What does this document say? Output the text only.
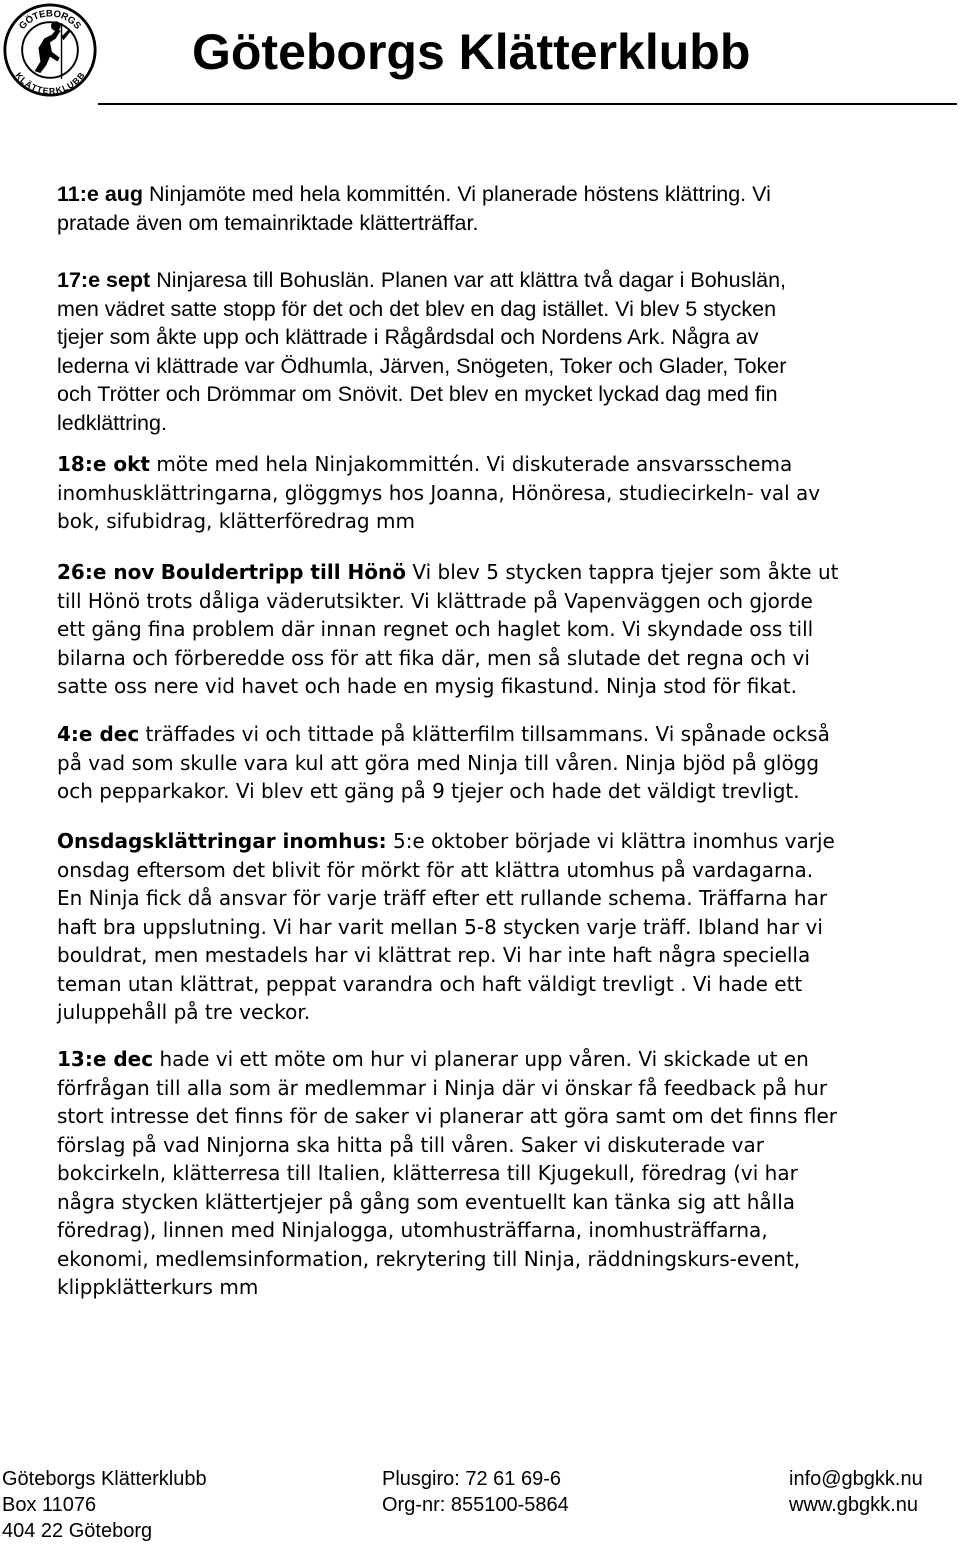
GÖTEBORGS
KLÄTTERKLUBB Göteborgs Klätterklubb

11:e aug Ninjamöte med hela kommittén. Vi planerade höstens klättring. Vi
pratade även om temainriktade klätterträffar.

17:e sept Ninjaresa till Bohuslän. Planen var att klättra två dagar i Bohuslän,
men vädret satte stopp för det och det blev en dag istället. Vi blev 5 stycken
tjejer som åkte upp och klättrade i Rågårdsdal och Nordens Ark. Några av
lederna vi klättrade var Ödhumla, Järven, Snögeten, Toker och Glader, Toker
och Trötter och Drömmar om Snövit. Det blev en mycket lyckad dag med fin
ledklättring.

18:e okt möte med hela Ninjakommittén. Vi diskuterade ansvarsschema
inomhusklättringarna, glöggmys hos Joanna, Hönöresa, studiecirkeln- val av
bok, sifubidrag, klätterföredrag mm

26:e nov Bouldertripp till Hönö Vi blev 5 stycken tappra tjejer som åkte ut
till Hönö trots dåliga väderutsikter. Vi klättrade på Vapenväggen och gjorde
ett gäng fina problem där innan regnet och haglet kom. Vi skyndade oss till
bilarna och förberedde oss för att fika där, men så slutade det regna och vi
satte oss nere vid havet och hade en mysig fikastund. Ninja stod för fikat.

4:e dec träffades vi och tittade på klätterfilm tillsammans. Vi spånade också
på vad som skulle vara kul att göra med Ninja till våren. Ninja bjöd på glögg
och pepparkakor. Vi blev ett gäng på 9 tjejer och hade det väldigt trevligt.

Onsdagsklättringar inomhus: 5:e oktober började vi klättra inomhus varje
onsdag eftersom det blivit för mörkt för att klättra utomhus på vardagarna.
En Ninja fick då ansvar för varje träff efter ett rullande schema. Träffarna har
haft bra uppslutning. Vi har varit mellan 5-8 stycken varje träff. Ibland har vi
bouldrat, men mestadels har vi klättrat rep. Vi har inte haft några speciella
teman utan klättrat, peppat varandra och haft väldigt trevligt . Vi hade ett
juluppehåll på tre veckor.

13:e dec hade vi ett möte om hur vi planerar upp våren. Vi skickade ut en
förfrågan till alla som är medlemmar i Ninja där vi önskar få feedback på hur
stort intresse det finns för de saker vi planerar att göra samt om det finns fler
förslag på vad Ninjorna ska hitta på till våren. Saker vi diskuterade var
bokcirkeln, klätterresa till Italien, klätterresa till Kjugekull, föredrag (vi har
några stycken klättertjejer på gång som eventuellt kan tänka sig att hålla
föredrag), linnen med Ninjalogga, utomhusträffarna, inomhusträffarna,
ekonomi, medlemsinformation, rekrytering till Ninja, räddningskurs-event,
klippklätterkurs mm

Göteborgs Klätterklubb
Box 11076
404 22 Göteborg
Plusgiro: 72 61 69-6
Org-nr: 855100-5864
info@gbgkk.nu
www.gbgkk.nu
